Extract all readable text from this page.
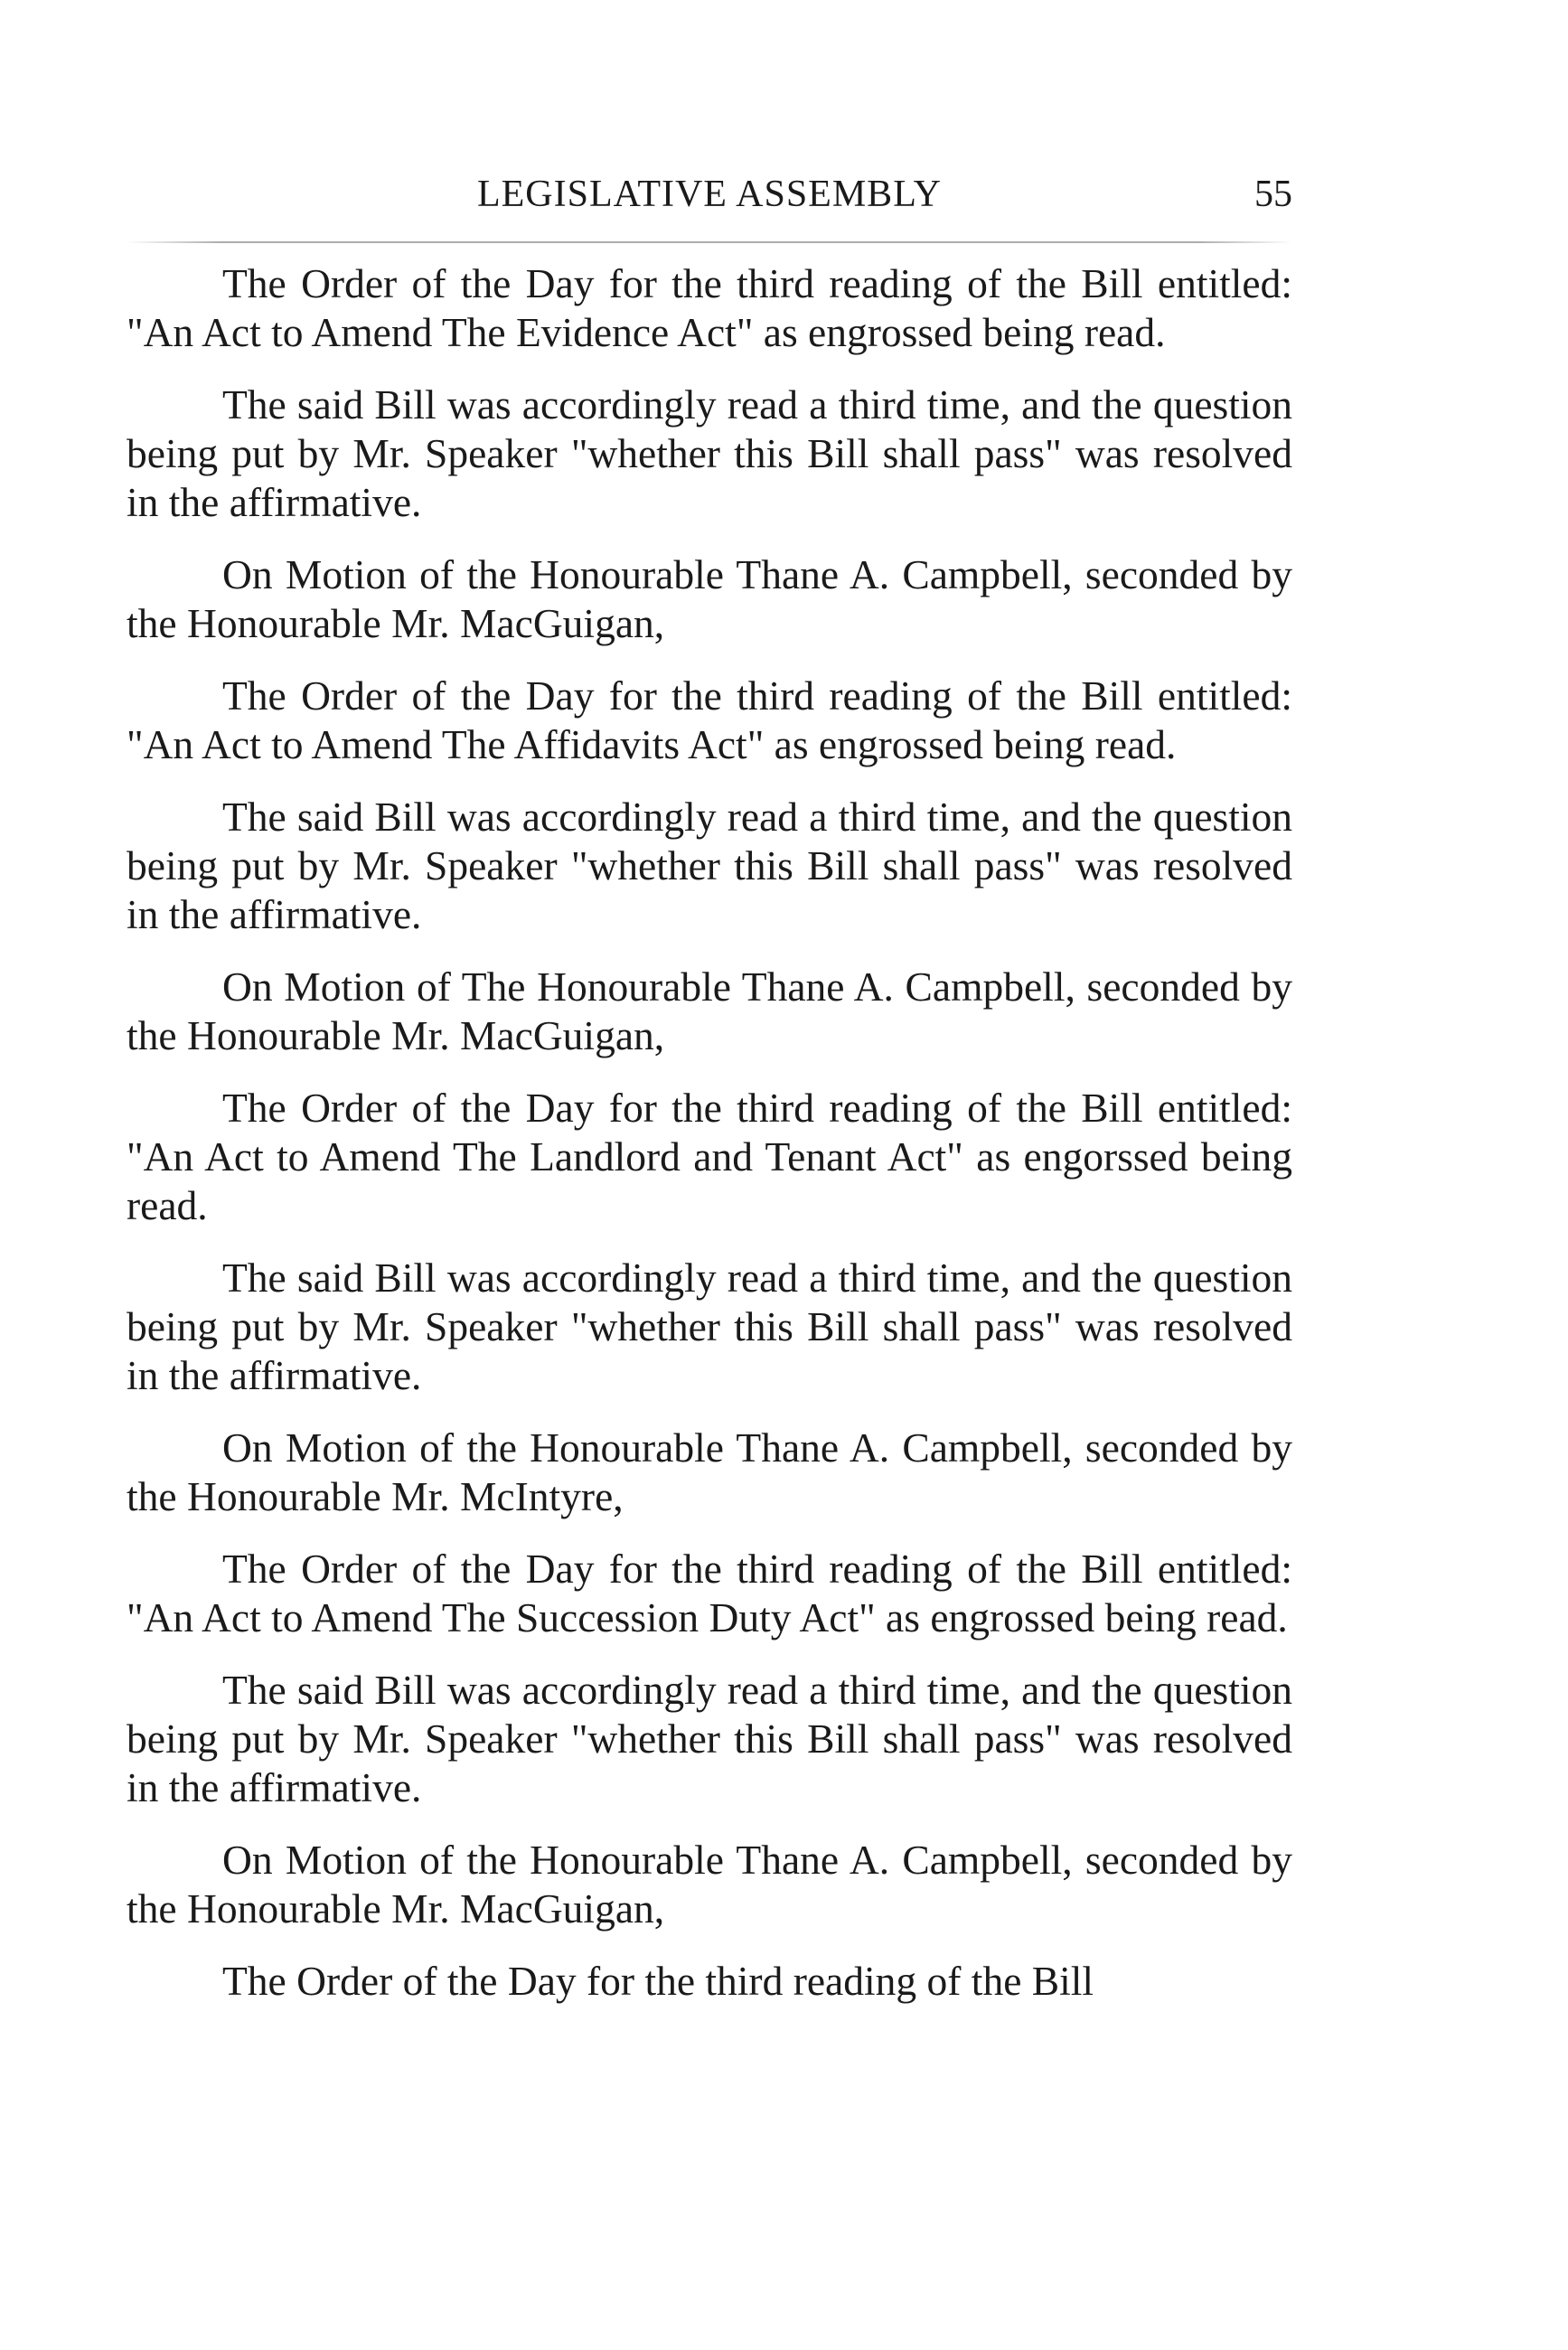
LEGISLATIVE ASSEMBLY	55

The Order of the Day for the third reading of the Bill entitled: "An Act to Amend The Evidence Act" as engrossed being read.

The said Bill was accordingly read a third time, and the question being put by Mr. Speaker "whether this Bill shall pass" was resolved in the affirmative.

On Motion of the Honourable Thane A. Campbell, seconded by the Honourable Mr. MacGuigan,

The Order of the Day for the third reading of the Bill entitled: "An Act to Amend The Affidavits Act" as engrossed being read.

The said Bill was accordingly read a third time, and the question being put by Mr. Speaker "whether this Bill shall pass" was resolved in the affirmative.

On Motion of The Honourable Thane A. Campbell, seconded by the Honourable Mr. MacGuigan,

The Order of the Day for the third reading of the Bill entitled: "An Act to Amend The Landlord and Tenant Act" as engorssed being read.

The said Bill was accordingly read a third time, and the question being put by Mr. Speaker "whether this Bill shall pass" was resolved in the affirmative.

On Motion of the Honourable Thane A. Campbell, seconded by the Honourable Mr. McIntyre,

The Order of the Day for the third reading of the Bill entitled: "An Act to Amend The Succession Duty Act" as engrossed being read.

The said Bill was accordingly read a third time, and the question being put by Mr. Speaker "whether this Bill shall pass" was resolved in the affirmative.

On Motion of the Honourable Thane A. Campbell, seconded by the Honourable Mr. MacGuigan,

The Order of the Day for the third reading of the Bill
